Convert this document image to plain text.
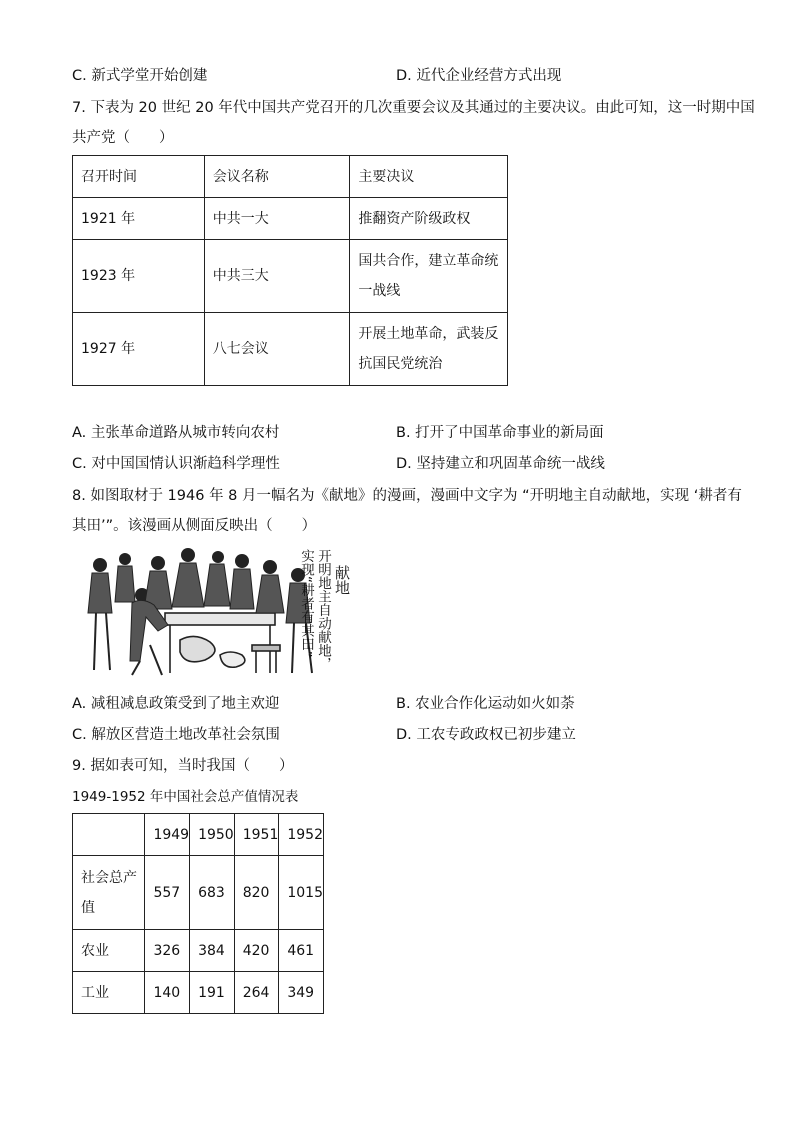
C. 新式学堂开始创建	D. 近代企业经营方式出现
7. 下表为 20 世纪 20 年代中国共产党召开的几次重要会议及其通过的主要决议。由此可知，这一时期中国
共产党（　　）
召开时间	会议名称	主要决议
1921 年	中共一大	推翻资产阶级政权

1923 年	中共三大	国共合作，建立革命统
一战线

1927 年	八七会议	开展土地革命，武装反
抗国民党统治
A. 主张革命道路从城市转向农村	B. 打开了中国革命事业的新局面
C. 对中国国情认识渐趋科学理性	D. 坚持建立和巩固革命统一战线
8. 如图取材于 1946 年 8 月一幅名为《献地》的漫画，漫画中文字为 “开明地主自动献地，实现 ‘耕者有
其田’”。该漫画从侧面反映出（　　）
献地
开明地主自动献地，
实现“耕者有其田”
A. 减租减息政策受到了地主欢迎	B. 农业合作化运动如火如荼
C. 解放区营造土地改革社会氛围	D. 工农专政政权已初步建立
9. 据如表可知，当时我国（　　）
1949-1952 年中国社会总产值情况表
	1949	1950	1951	1952

社会总产
值	557	683	820	1015
农业	326	384	420	461
工业	140	191	264	349
